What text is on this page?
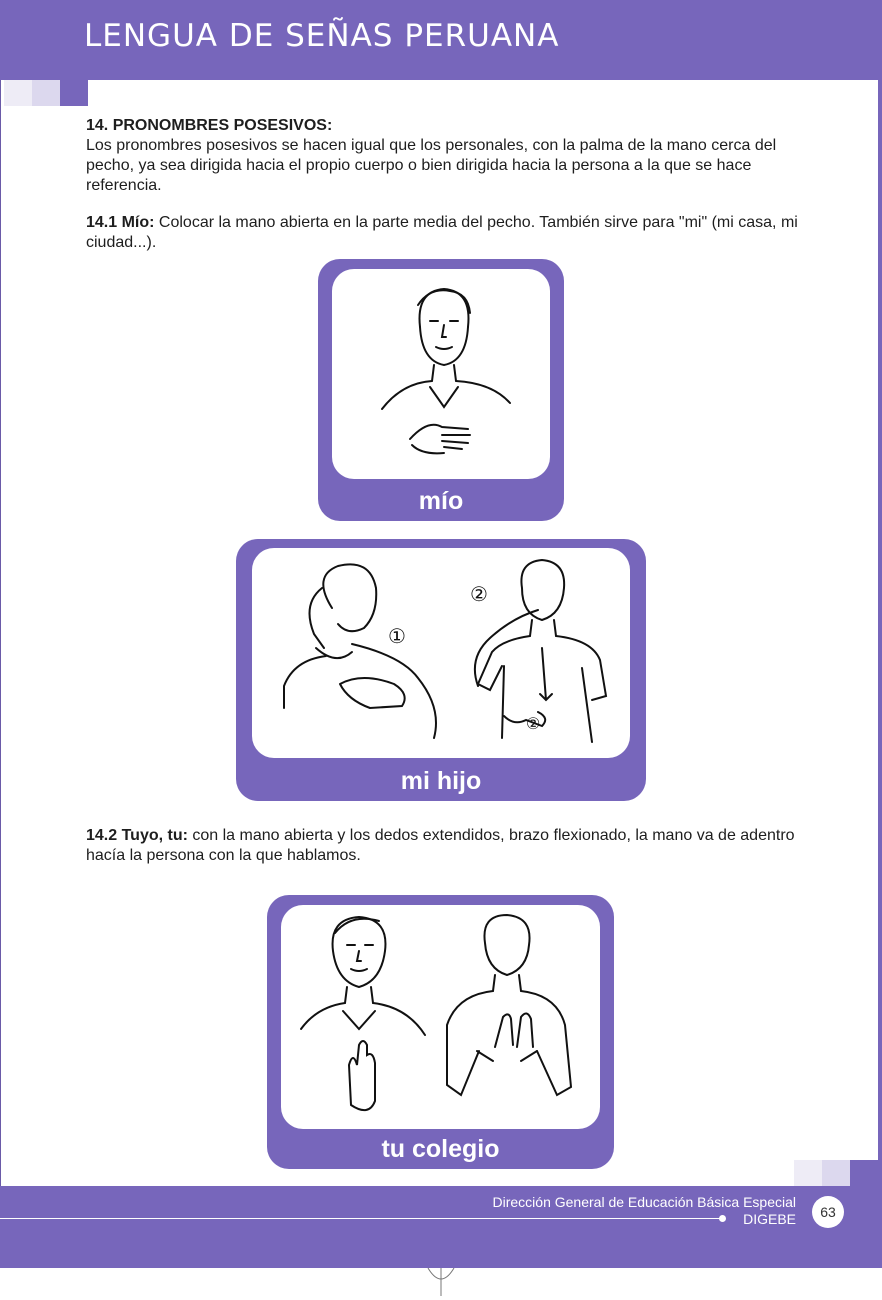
LENGUA DE SEÑAS PERUANA
14. PRONOMBRES POSESIVOS:

Los pronombres posesivos se hacen igual que los personales, con la palma de la mano cerca del pecho, ya sea dirigida hacia el propio cuerpo o bien dirigida hacia la persona a la que se hace referencia.

14.1 Mío: Colocar la mano abierta en la parte media del pecho. También sirve para "mi" (mi casa, mi ciudad...).

mío
①
②
②
mi hijo

14.2 Tuyo, tu: con la mano abierta y los dedos extendidos, brazo flexionado, la mano va de adentro hacía la persona con la que hablamos.

tu colegio
Dirección General de Educación Básica Especial
DIGEBE	63
